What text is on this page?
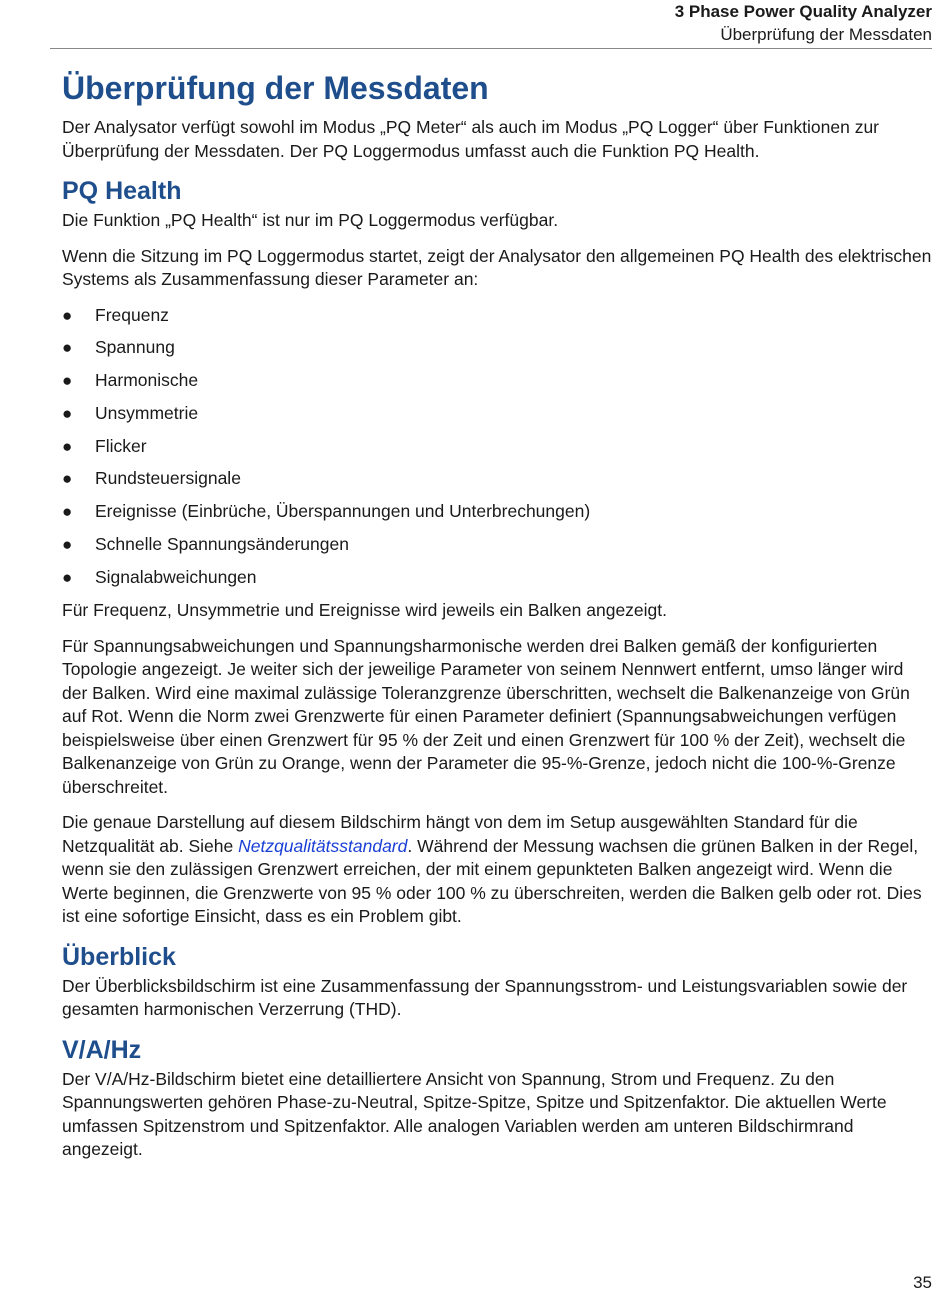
3 Phase Power Quality Analyzer
Überprüfung der Messdaten
Überprüfung der Messdaten

Der Analysator verfügt sowohl im Modus „PQ Meter“ als auch im Modus „PQ Logger“ über Funktionen zur Überprüfung der Messdaten. Der PQ Loggermodus umfasst auch die Funktion PQ Health.

PQ Health

Die Funktion „PQ Health“ ist nur im PQ Loggermodus verfügbar.

Wenn die Sitzung im PQ Loggermodus startet, zeigt der Analysator den allgemeinen PQ Health des elektrischen Systems als Zusammenfassung dieser Parameter an:

● Frequenz
● Spannung
● Harmonische
● Unsymmetrie
● Flicker
● Rundsteuersignale
● Ereignisse (Einbrüche, Überspannungen und Unterbrechungen)
● Schnelle Spannungsänderungen
● Signalabweichungen

Für Frequenz, Unsymmetrie und Ereignisse wird jeweils ein Balken angezeigt.

Für Spannungsabweichungen und Spannungsharmonische werden drei Balken gemäß der konfigurierten Topologie angezeigt. Je weiter sich der jeweilige Parameter von seinem Nennwert entfernt, umso länger wird der Balken. Wird eine maximal zulässige Toleranzgrenze überschritten, wechselt die Balkenanzeige von Grün auf Rot. Wenn die Norm zwei Grenzwerte für einen Parameter definiert (Spannungsabweichungen verfügen beispielsweise über einen Grenzwert für 95 % der Zeit und einen Grenzwert für 100 % der Zeit), wechselt die Balkenanzeige von Grün zu Orange, wenn der Parameter die 95-%-Grenze, jedoch nicht die 100-%-Grenze überschreitet.

Die genaue Darstellung auf diesem Bildschirm hängt von dem im Setup ausgewählten Standard für die Netzqualität ab. Siehe Netzqualitätsstandard. Während der Messung wachsen die grünen Balken in der Regel, wenn sie den zulässigen Grenzwert erreichen, der mit einem gepunkteten Balken angezeigt wird. Wenn die Werte beginnen, die Grenzwerte von 95 % oder 100 % zu überschreiten, werden die Balken gelb oder rot. Dies ist eine sofortige Einsicht, dass es ein Problem gibt.

Überblick

Der Überblicksbildschirm ist eine Zusammenfassung der Spannungsstrom- und Leistungsvariablen sowie der gesamten harmonischen Verzerrung (THD).

V/A/Hz

Der V/A/Hz-Bildschirm bietet eine detailliertere Ansicht von Spannung, Strom und Frequenz. Zu den Spannungswerten gehören Phase-zu-Neutral, Spitze-Spitze, Spitze und Spitzenfaktor. Die aktuellen Werte umfassen Spitzenstrom und Spitzenfaktor. Alle analogen Variablen werden am unteren Bildschirmrand angezeigt.

35
